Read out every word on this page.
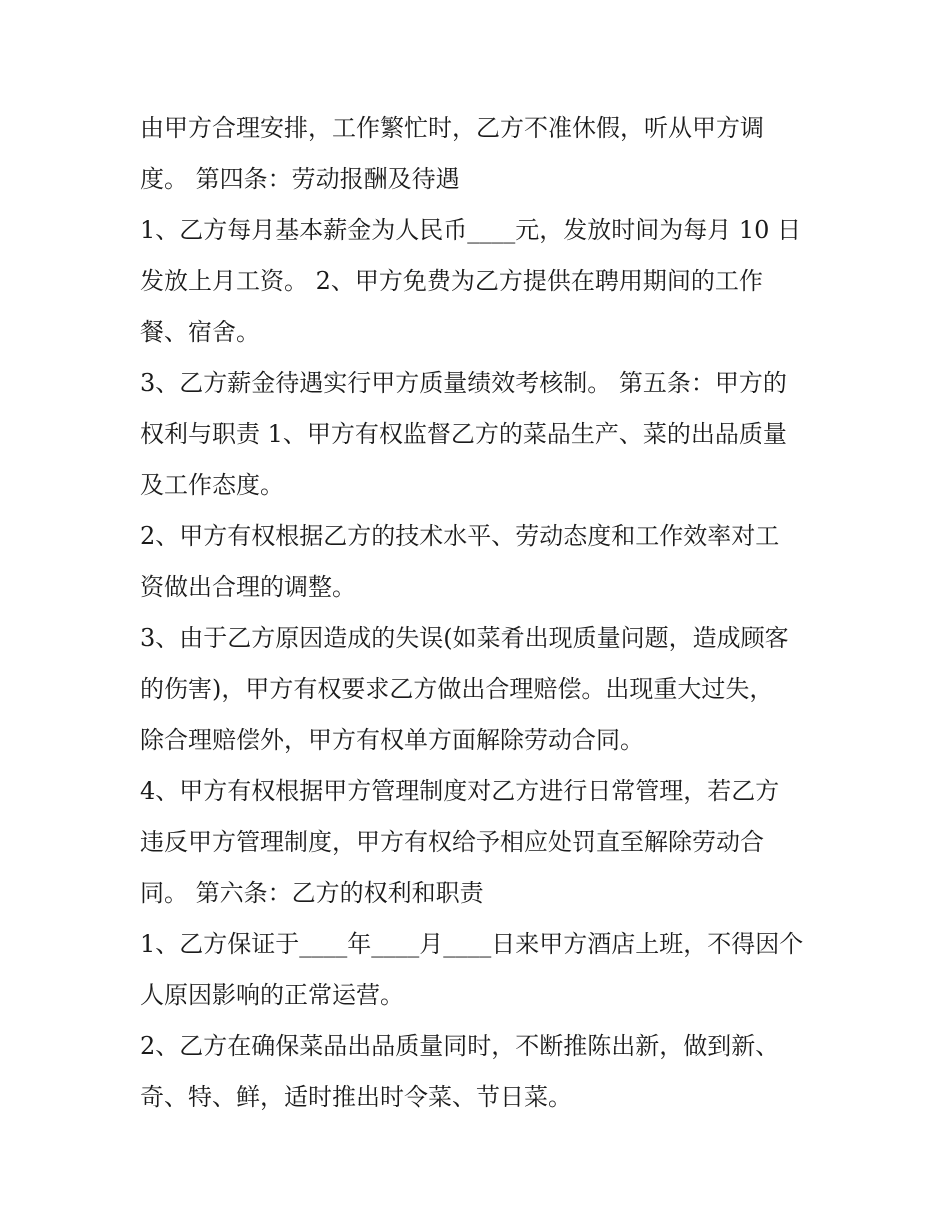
由甲方合理安排，工作繁忙时，乙方不准休假，听从甲方调
度。 第四条：劳动报酬及待遇
1、乙方每月基本薪金为人民币____元，发放时间为每月 10 日
发放上月工资。 2、甲方免费为乙方提供在聘用期间的工作
餐、宿舍。
3、乙方薪金待遇实行甲方质量绩效考核制。 第五条：甲方的
权利与职责 1、甲方有权监督乙方的菜品生产、菜的出品质量
及工作态度。
2、甲方有权根据乙方的技术水平、劳动态度和工作效率对工
资做出合理的调整。
3、由于乙方原因造成的失误(如菜肴出现质量问题，造成顾客
的伤害)，甲方有权要求乙方做出合理赔偿。出现重大过失，
除合理赔偿外，甲方有权单方面解除劳动合同。
4、甲方有权根据甲方管理制度对乙方进行日常管理，若乙方
违反甲方管理制度，甲方有权给予相应处罚直至解除劳动合
同。 第六条：乙方的权利和职责
1、乙方保证于____年____月____日来甲方酒店上班，不得因个
人原因影响的正常运营。
2、乙方在确保菜品出品质量同时，不断推陈出新，做到新、
奇、特、鲜，适时推出时令菜、节日菜。
